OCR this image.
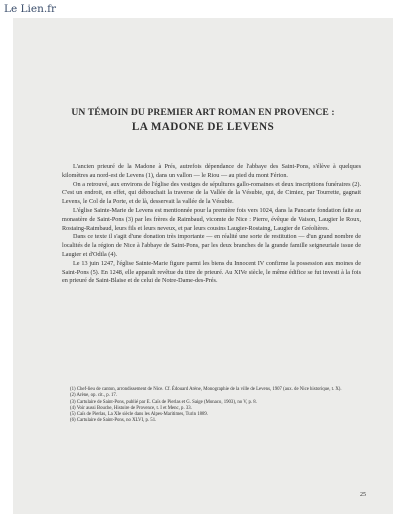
Le Lien.fr
UN TÉMOIN DU PREMIER ART ROMAN EN PROVENCE :
LA MADONE DE LEVENS

L'ancien prieuré de la Madone à Prés, autrefois dépendance de l'abbaye des Saint-Pons, s'élève à quelques kilomètres au nord-est de Levens (1), dans un vallon — le Riou — au pied du mont Férion.

On a retrouvé, aux environs de l'église des vestiges de sépultures gallo-romaines et deux inscriptions funéraires (2). C'est un endroit, en effet, qui débouchait la traverse de la Vallée de la Vésubie, qui, de Cimiez, par Tourrette, gagnait Levens, le Col de la Porte, et de là, desservait la vallée de la Vésubie.

L'église Sainte-Marie de Levens est mentionnée pour la première fois vers 1024, dans la Pancarte fondation faite au monastère de Saint-Pons (3) par les frères de Raimbaud, vicomte de Nice : Pierre, évêque de Vaison, Laugier le Roux, Rostaing-Raimbaud, leurs fils et leurs neveux, et par leurs cousins Laugier-Rostaing, Laugier de Gréolières.

Dans ce texte il s'agit d'une donation très importante — en réalité une sorte de restitution — d'un grand nombre de localités de la région de Nice à l'abbaye de Saint-Pons, par les deux branches de la grande famille seigneuriale issue de Laugier et d'Odila (4).

Le 13 juin 1247, l'église Sainte-Marie figure parmi les biens du Innocent IV confirme la possession aux moines de Saint-Pons (5). En 1248, elle apparaît revêtue du titre de prieuré. Au XIVe siècle, le même édifice se fut investi à la fois en prieuré de Saint-Blaise et de celui de Notre-Dame-des-Prés.

(1) Chef-lieu de canton, arrondissement de Nice. Cf. Édouard Arène, Monographie de la ville de Levens, 1907 (aux. de Nice historique, t. X).

(2) Arène, op. cit., p. 17.

(3) Cartulaire de Saint-Pons, publié par E. Caïs de Pierlas et G. Saige (Monaco, 1903), no V, p. 8.

(4) Voir aussi Bouche, Histoire de Provence, t. I et Menc, p. 33.

(5) Caïs de Pierlas, La XIe siècle dans les Alpes-Maritimes, Turin 1889.

(6) Cartulaire de Saint-Pons, no XLVI, p. 51.

25
